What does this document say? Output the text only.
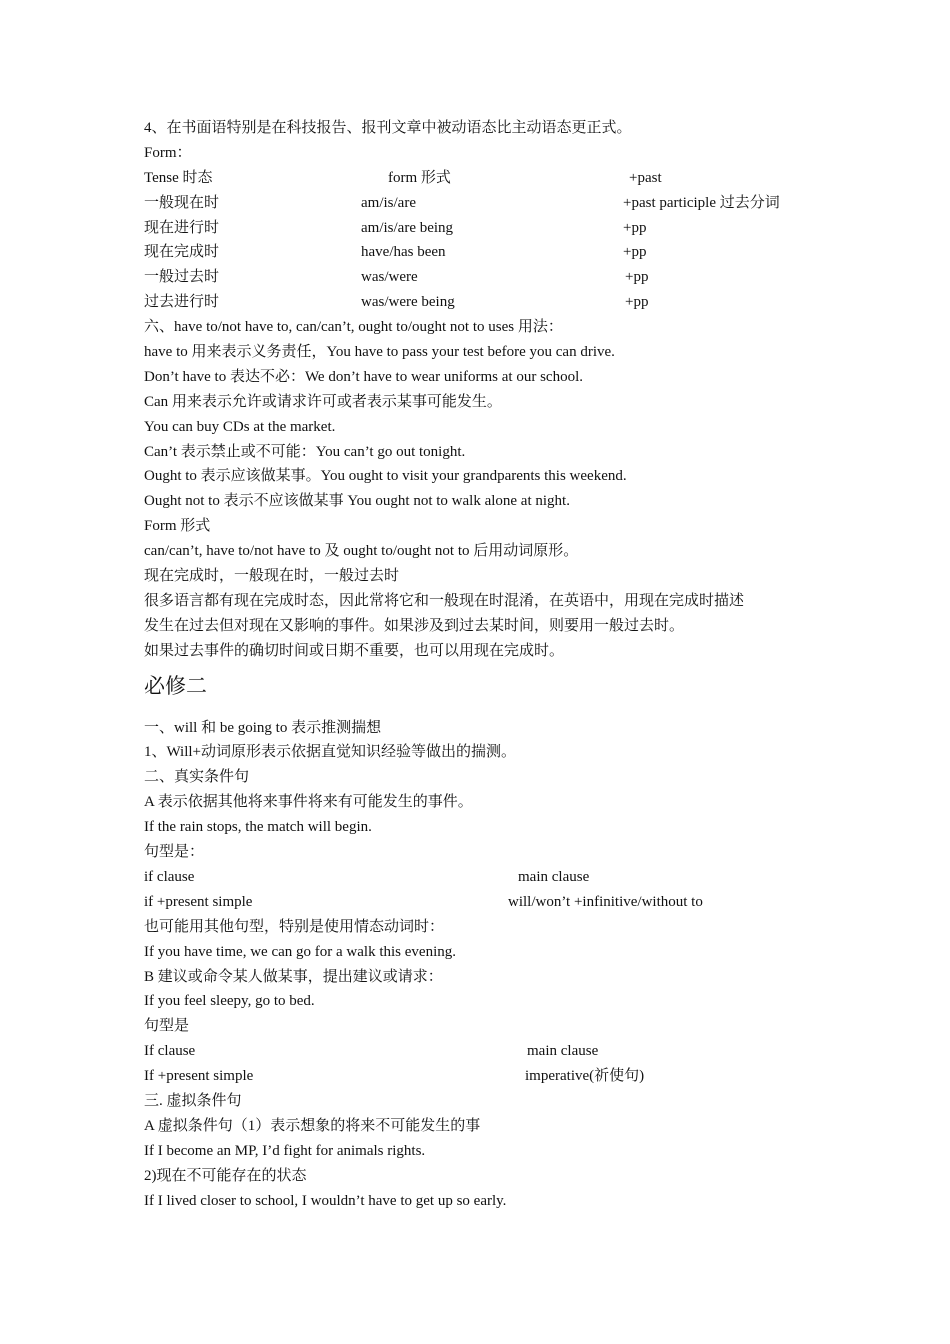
4、在书面语特别是在科技报告、报刊文章中被动语态比主动语态更正式。
Form：
Tense 时态	form 形式	+past
一般现在时	am/is/are	+past participle 过去分词
现在进行时	am/is/are being	+pp
现在完成时	have/has been	+pp
一般过去时	was/were	+pp
过去进行时	was/were being	+pp
六、have to/not have to, can/can’t, ought to/ought not to uses 用法：
have to 用来表示义务责任，You have to pass your test before you can drive.
Don’t have to 表达不必：We don’t have to wear uniforms at our school.
Can 用来表示允许或请求许可或者表示某事可能发生。
You can buy CDs at the market.
Can’t 表示禁止或不可能：You can’t go out tonight.
Ought to 表示应该做某事。You ought to visit your grandparents this weekend.
Ought not to 表示不应该做某事 You ought not to walk alone at night.
Form 形式
can/can’t, have to/not have to 及 ought to/ought not to 后用动词原形。
现在完成时，一般现在时，一般过去时
很多语言都有现在完成时态，因此常将它和一般现在时混淆，在英语中，用现在完成时描述
发生在过去但对现在又影响的事件。如果涉及到过去某时间，则要用一般过去时。
如果过去事件的确切时间或日期不重要，也可以用现在完成时。
必修二
一、will 和 be going to 表示推测揣想
1、Will+动词原形表示依据直觉知识经验等做出的揣测。
二、真实条件句
A 表示依据其他将来事件将来有可能发生的事件。
If the rain stops, the match will begin.
句型是：
if clause	main clause
if +present simple	will/won’t +infinitive/without to
也可能用其他句型，特别是使用情态动词时：
If you have time, we can go for a walk this evening.
B 建议或命令某人做某事，提出建议或请求：
If you feel sleepy, go to bed.
句型是
If clause	main clause
If +present simple	imperative(祈使句)
三. 虚拟条件句
A 虚拟条件句（1）表示想象的将来不可能发生的事
If I become an MP, I’d fight for animals rights.
2)现在不可能存在的状态
If I lived closer to school, I wouldn’t have to get up so early.
